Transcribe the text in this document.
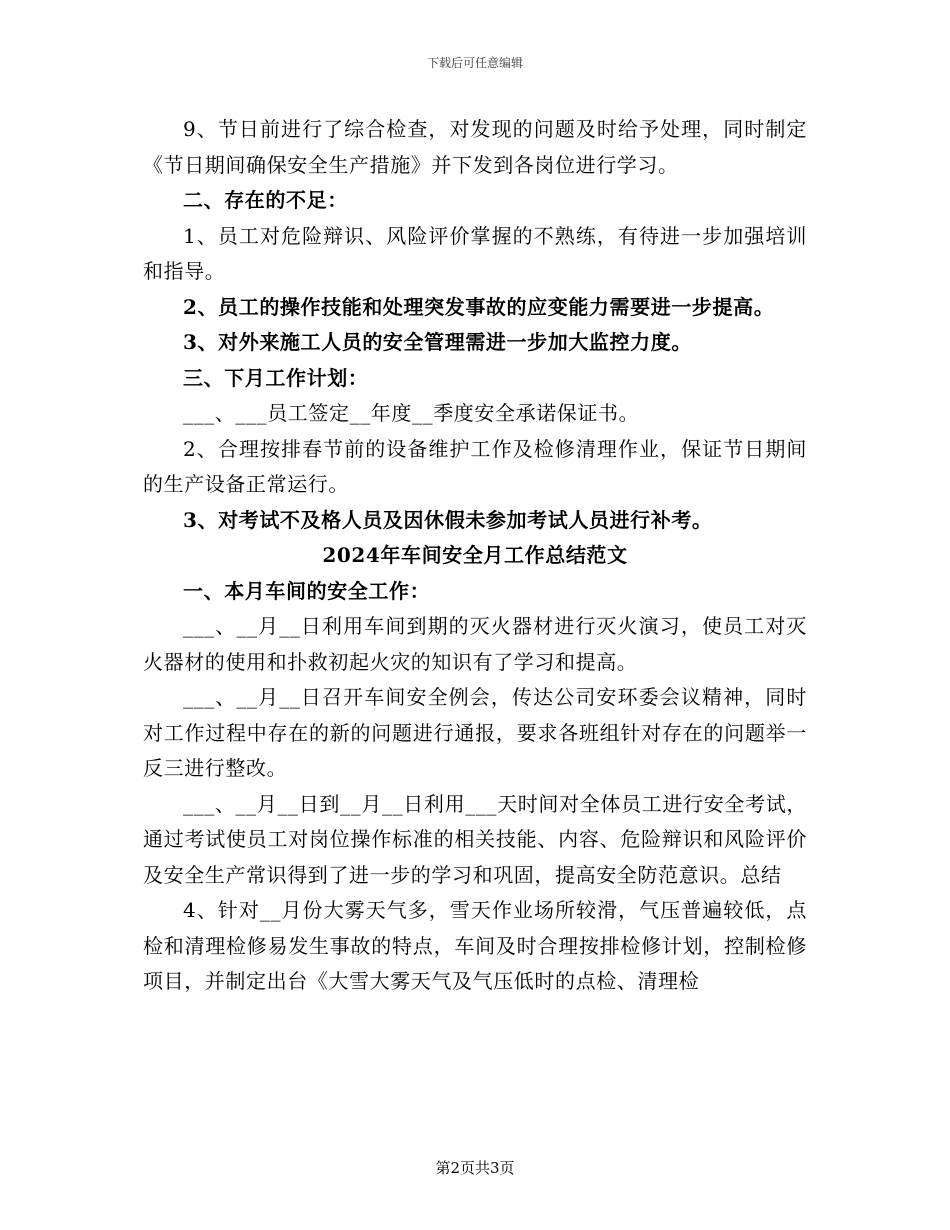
下载后可任意编辑

9、节日前进行了综合检查，对发现的问题及时给予处理，同时制定《节日期间确保安全生产措施》并下发到各岗位进行学习。

二、存在的不足：

1、员工对危险辩识、风险评价掌握的不熟练，有待进一步加强培训和指导。

2、员工的操作技能和处理突发事故的应变能力需要进一步提高。

3、对外来施工人员的安全管理需进一步加大监控力度。

三、下月工作计划：

___、___员工签定__年度__季度安全承诺保证书。

2、合理按排春节前的设备维护工作及检修清理作业，保证节日期间的生产设备正常运行。

3、对考试不及格人员及因休假未参加考试人员进行补考。

2024年车间安全月工作总结范文

一、本月车间的安全工作：

___、__月__日利用车间到期的灭火器材进行灭火演习，使员工对灭火器材的使用和扑救初起火灾的知识有了学习和提高。

___、__月__日召开车间安全例会，传达公司安环委会议精神，同时对工作过程中存在的新的问题进行通报，要求各班组针对存在的问题举一反三进行整改。

___、__月__日到__月__日利用___天时间对全体员工进行安全考试，通过考试使员工对岗位操作标准的相关技能、内容、危险辩识和风险评价及安全生产常识得到了进一步的学习和巩固，提高安全防范意识。总结

4、针对__月份大雾天气多，雪天作业场所较滑，气压普遍较低，点检和清理检修易发生事故的特点，车间及时合理按排检修计划，控制检修项目，并制定出台《大雪大雾天气及气压低时的点检、清理检

第2页共3页
